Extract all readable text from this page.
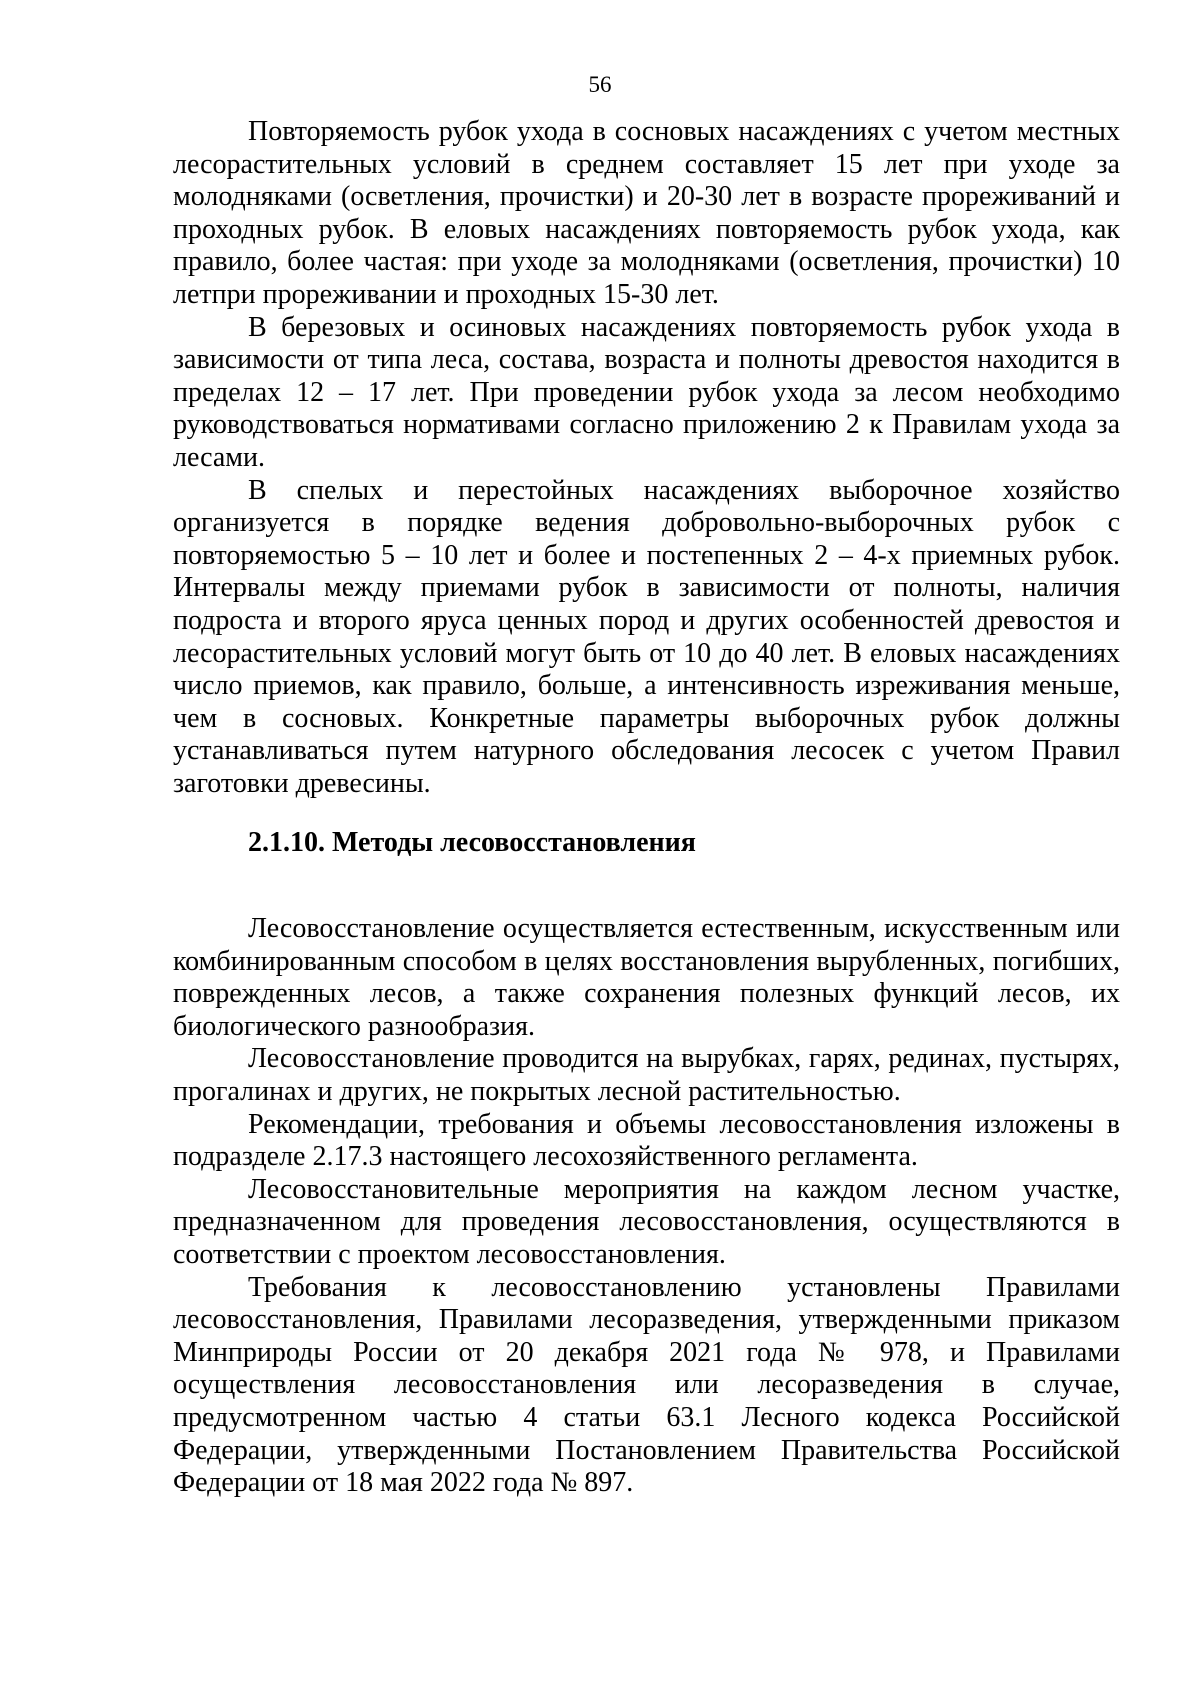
56

Повторяемость рубок ухода в сосновых насаждениях с учетом местных лесорастительных условий в среднем составляет 15 лет при уходе за молодняками (осветления, прочистки) и 20-30 лет в возрасте прореживаний и проходных рубок. В еловых насаждениях повторяемость рубок ухода, как правило, более частая: при уходе за молодняками (осветления, прочистки) 10 летпри прореживании и проходных 15-30 лет.

В березовых и осиновых насаждениях повторяемость рубок ухода в зависимости от типа леса, состава, возраста и полноты древостоя находится в пределах 12 – 17 лет. При проведении рубок ухода за лесом необходимо руководствоваться нормативами согласно приложению 2 к Правилам ухода за лесами.

В спелых и перестойных насаждениях выборочное хозяйство организуется в порядке ведения добровольно-выборочных рубок с повторяемостью 5 – 10 лет и более и постепенных 2 – 4-х приемных рубок. Интервалы между приемами рубок в зависимости от полноты, наличия подроста и второго яруса ценных пород и других особенностей древостоя и лесорастительных условий могут быть от 10 до 40 лет. В еловых насаждениях число приемов, как правило, больше, а интенсивность изреживания меньше, чем в сосновых. Конкретные параметры выборочных рубок должны устанавливаться путем натурного обследования лесосек с учетом Правил заготовки древесины.

2.1.10. Методы лесовосстановления

Лесовосстановление осуществляется естественным, искусственным или комбинированным способом в целях восстановления вырубленных, погибших, поврежденных лесов, а также сохранения полезных функций лесов, их биологического разнообразия.

Лесовосстановление проводится на вырубках, гарях, рединах, пустырях, прогалинах и других, не покрытых лесной растительностью.

Рекомендации, требования и объемы лесовосстановления изложены в подразделе 2.17.3 настоящего лесохозяйственного регламента.

Лесовосстановительные мероприятия на каждом лесном участке, предназначенном для проведения лесовосстановления, осуществляются в соответствии с проектом лесовосстановления.

Требования к лесовосстановлению установлены Правилами лесовосстановления, Правилами лесоразведения, утвержденными приказом Минприроды России от 20 декабря 2021 года № 978, и Правилами осуществления лесовосстановления или лесоразведения в случае, предусмотренном частью 4 статьи 63.1 Лесного кодекса Российской Федерации, утвержденными Постановлением Правительства Российской Федерации от 18 мая 2022 года № 897.
